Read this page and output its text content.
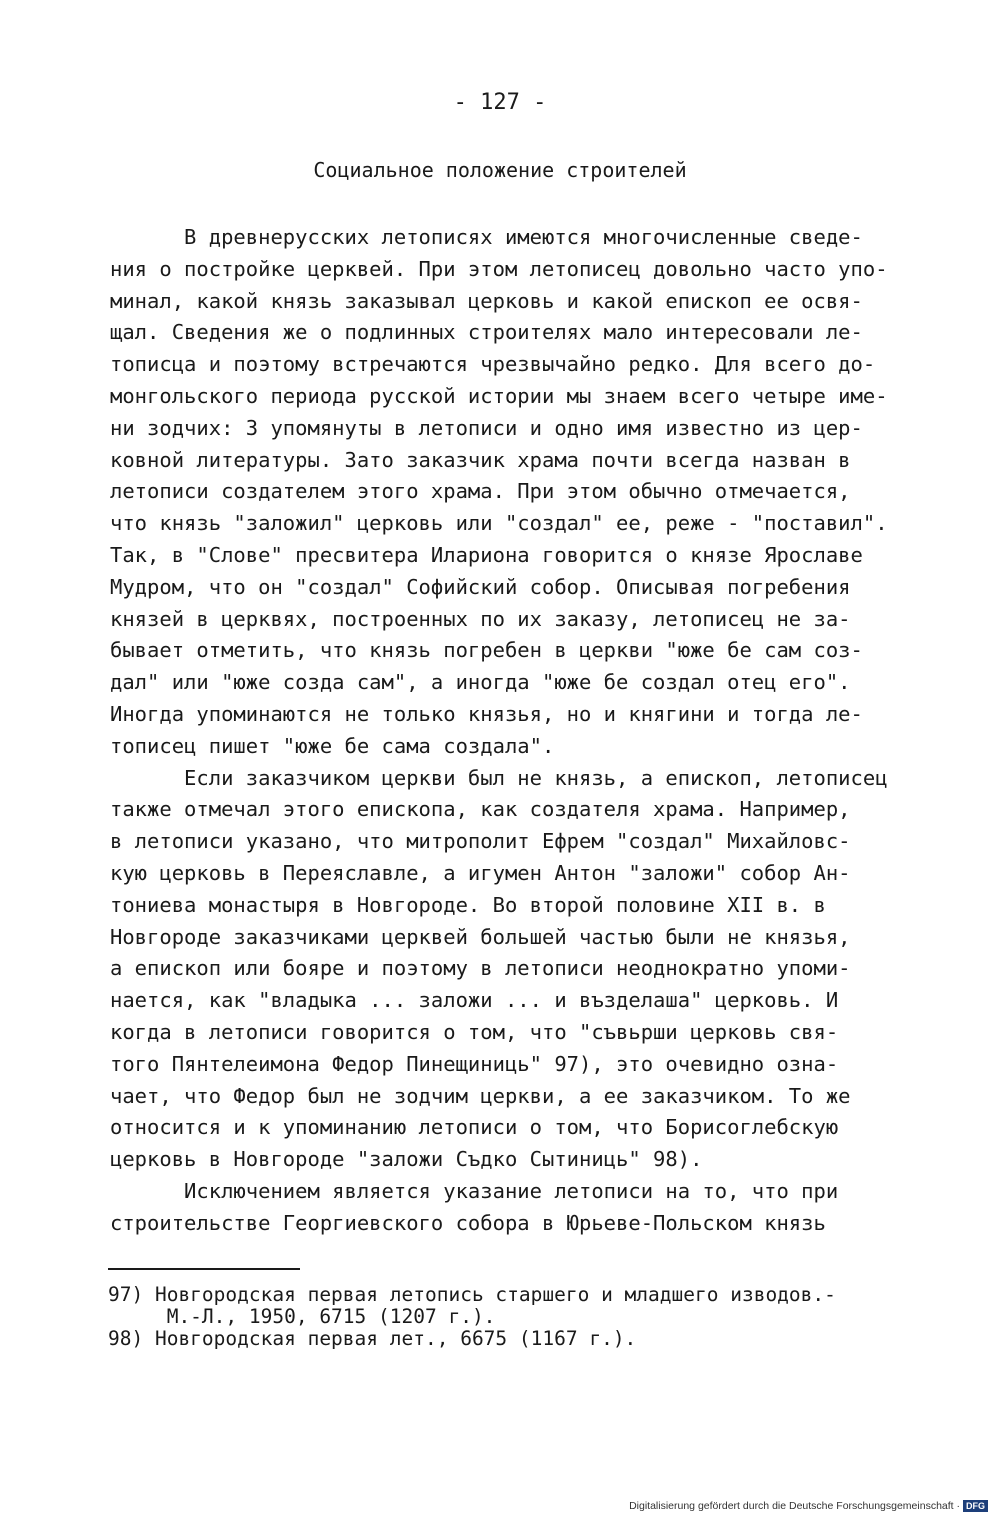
- 127 -
Социальное положение строителей
В древнерусских летописях имеются многочисленные сведе-
ния о постройке церквей. При этом летописец довольно часто упо-
минал, какой князь заказывал церковь и какой епископ ее освя-
щал. Сведения же о подлинных строителях мало интересовали ле-
тописца и поэтому встречаются чрезвычайно редко. Для всего до-
монгольского периода русской истории мы знаем всего четыре име-
ни зодчих: 3 упомянуты в летописи и одно имя известно из цер-
ковной литературы. Зато заказчик храма почти всегда назван в
летописи создателем этого храма. При этом обычно отмечается,
что князь "заложил" церковь или "создал" ее, реже - "поставил".
Так, в "Слове" пресвитера Илариона говорится о князе Ярославе
Мудром, что он "создал" Софийский собор. Описывая погребения
князей в церквях, построенных по их заказу, летописец не за-
бывает отметить, что князь погребен в церкви "юже бе сам соз-
дал" или "юже созда сам", а иногда "юже бе создал отец его".
Иногда упоминаются не только князья, но и княгини и тогда ле-
тописец пишет "юже бе сама создала".
Если заказчиком церкви был не князь, а епископ, летописец
также отмечал этого епископа, как создателя храма. Например,
в летописи указано, что митрополит Ефрем "создал" Михайловс-
кую церковь в Переяславле, а игумен Антон "заложи" собор Ан-
тониева монастыря в Новгороде. Во второй половине XII в. в
Новгороде заказчиками церквей большей частью были не князья,
а епископ или бояре и поэтому в летописи неоднократно упоми-
нается, как "владыка ... заложи ... и възделаша" церковь. И
когда в летописи говорится о том, что "съвьрши церковь свя-
того Пянтелеимона Федор Пинещиниць" 97), это очевидно озна-
чает, что Федор был не зодчим церкви, а ее заказчиком. То же
относится и к упоминанию летописи о том, что Борисоглебскую
церковь в Новгороде "заложи Съдко Сытиниць" 98).
Исключением является указание летописи на то, что при
строительстве Георгиевского собора в Юрьеве-Польском князь
97) Новгородская первая летопись старшего и младшего изводов.-
М.-Л., 1950, 6715 (1207 г.).
98) Новгородская первая лет., 6675 (1167 г.).
Digitalisierung gefördert durch die Deutsche Forschungsgemeinschaft · DFG
